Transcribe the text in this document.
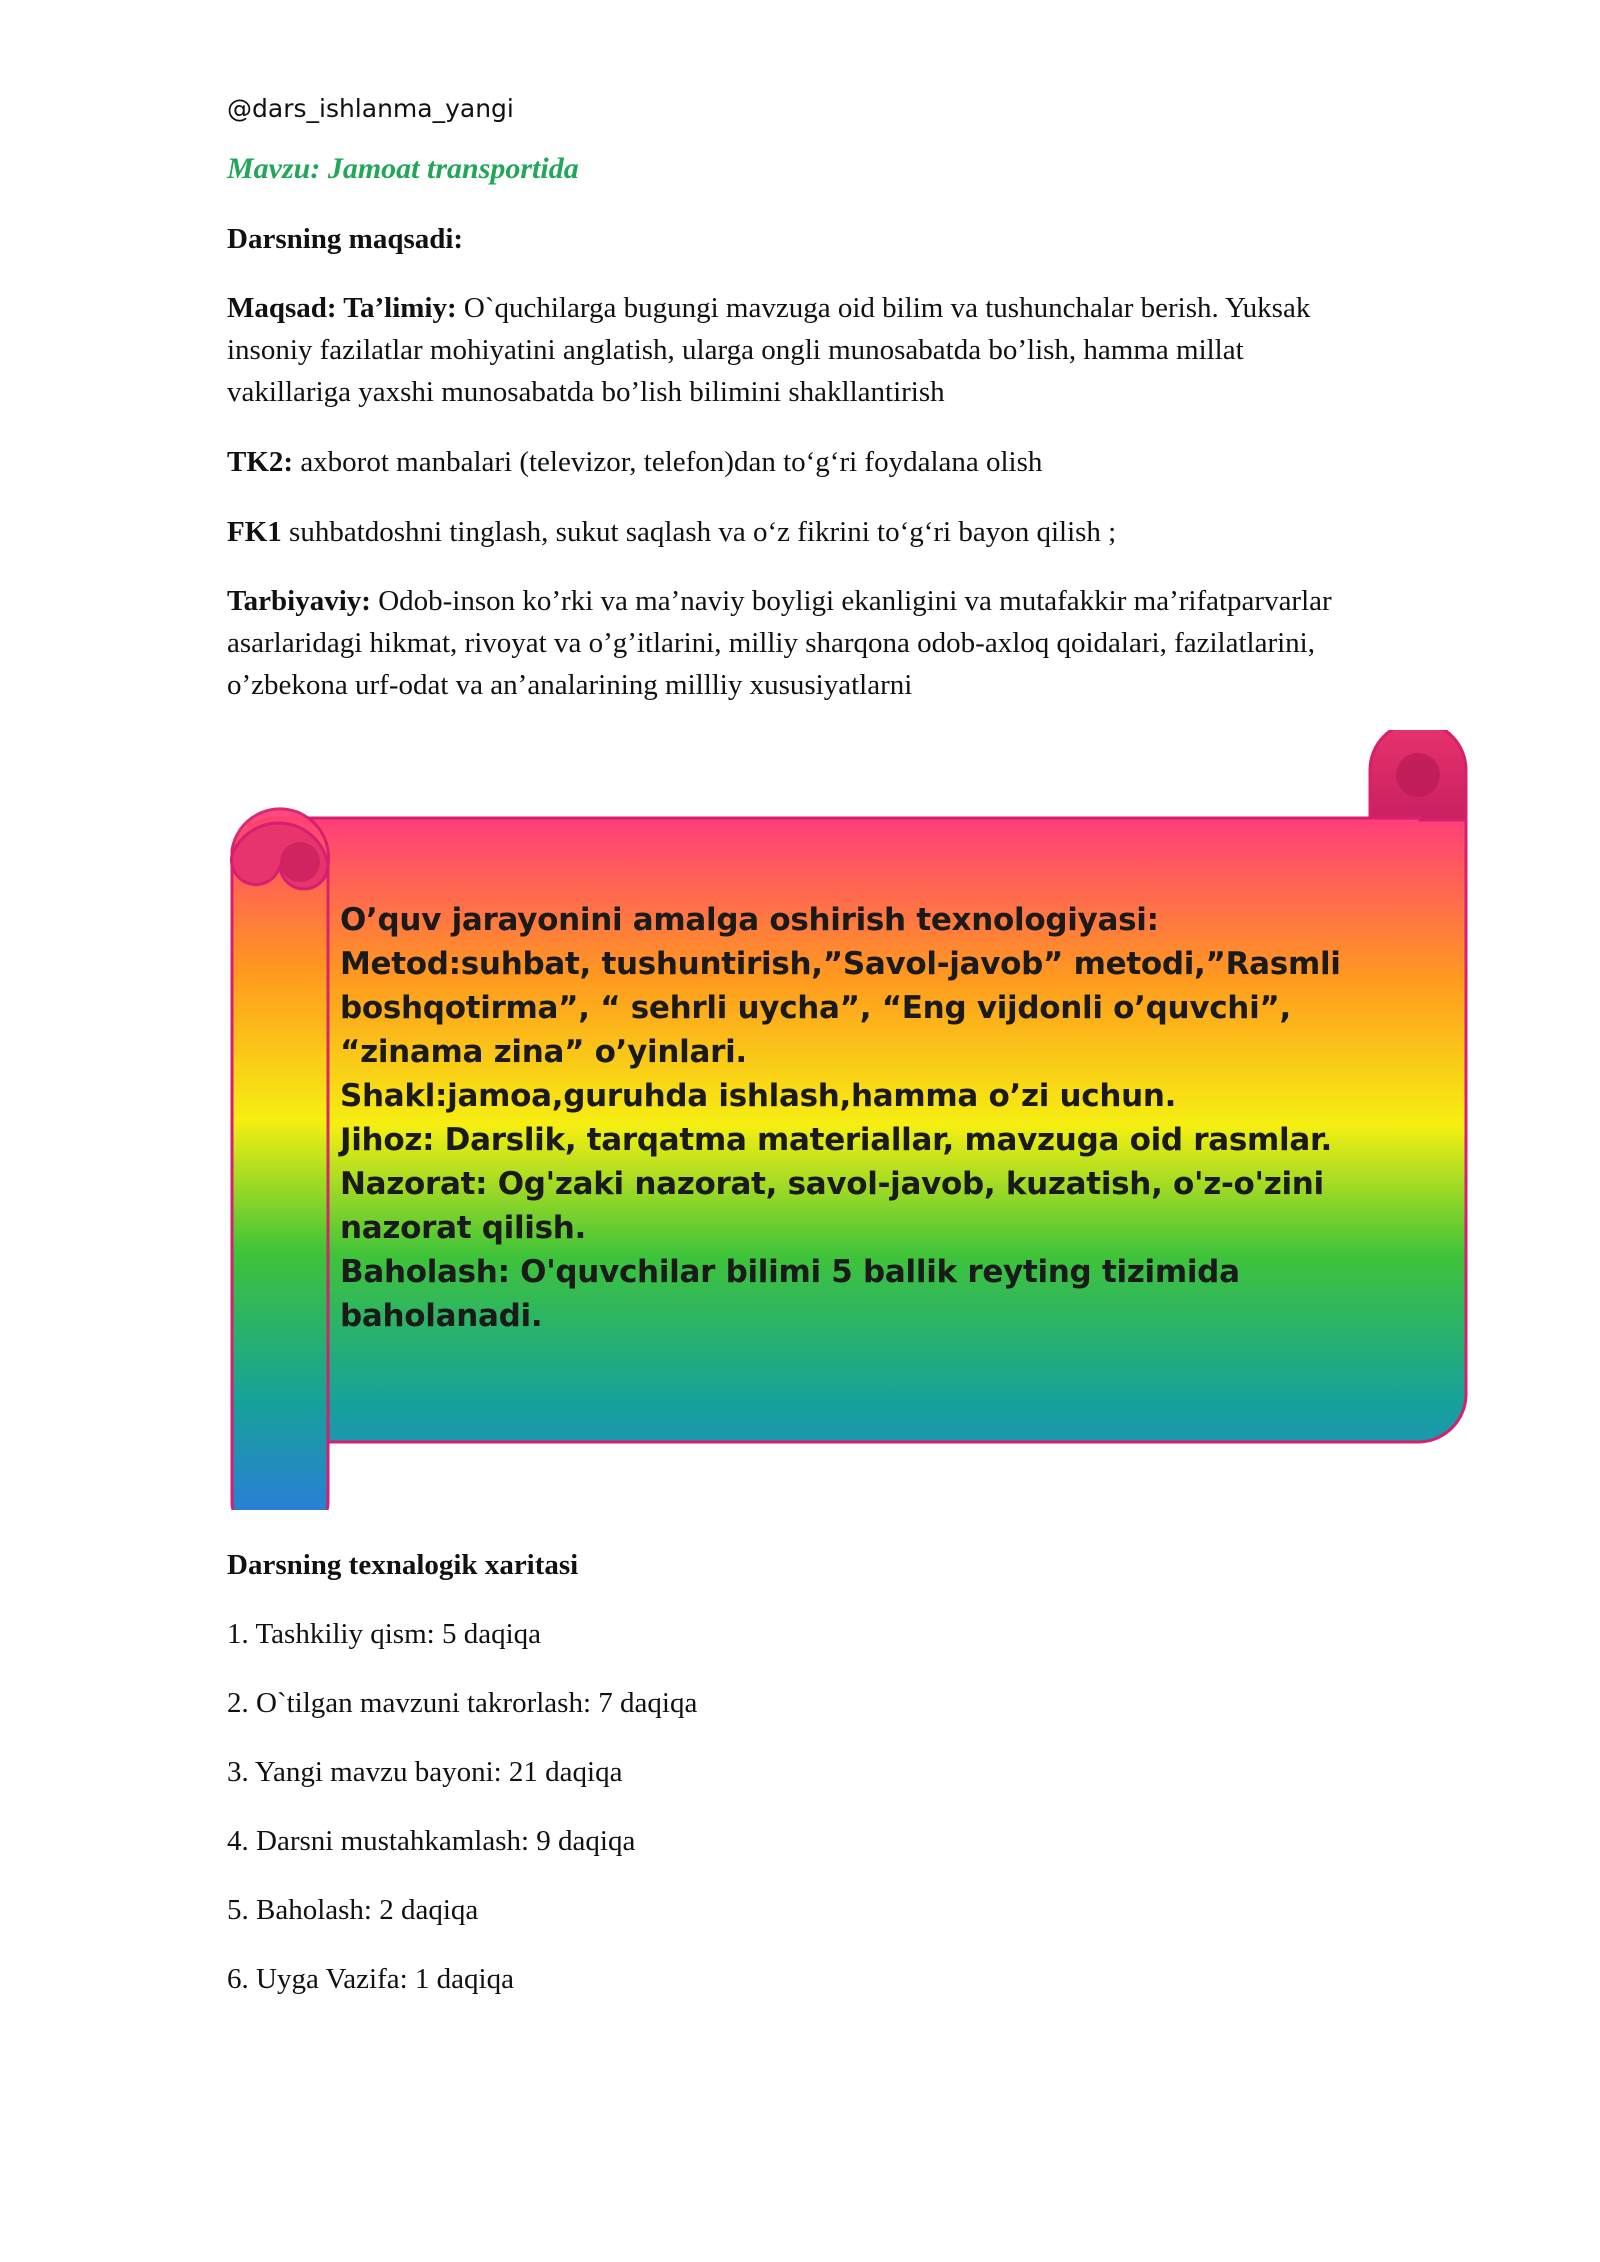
@dars_ishlanma_yangi
Mavzu: Jamoat transportida
Darsning maqsadi:
Maqsad: Ta’limiy: O`quchilarga bugungi mavzuga oid bilim va tushunchalar berish. Yuksak
insoniy fazilatlar mohiyatini anglatish, ularga ongli munosabatda bo’lish, hamma millat
vakillariga yaxshi munosabatda bo’lish bilimini shakllantirish
TK2: axborot manbalari (televizor, telefon)dan to‘g‘ri foydalana olish
FK1 suhbatdoshni tinglash, sukut saqlash va o‘z fikrini to‘g‘ri bayon qilish ;
Tarbiyaviy: Odob-inson ko’rki va ma’naviy boyligi ekanligini va mutafakkir ma’rifatparvarlar
asarlaridagi hikmat, rivoyat va o’g’itlarini, milliy sharqona odob-axloq qoidalari, fazilatlarini,
o’zbekona urf-odat va an’analarining millliy xususiyatlarni
O’quv jarayonini amalga oshirish texnologiyasi:
Metod:suhbat, tushuntirish,”Savol-javob” metodi,”Rasmli
boshqotirma”, “ sehrli uycha”, “Eng vijdonli o’quvchi”,
“zinama zina” o’yinlari.
Shakl:jamoa,guruhda ishlash,hamma o’zi uchun.
Jihoz: Darslik, tarqatma materiallar, mavzuga oid rasmlar.
Nazorat: Og'zaki nazorat, savol-javob, kuzatish, o'z-o'zini
nazorat qilish.
Baholash: O'quvchilar bilimi 5 ballik reyting tizimida
baholanadi.
Darsning texnalogik xaritasi
1. Tashkiliy qism: 5 daqiqa
2. O`tilgan mavzuni takrorlash: 7 daqiqa
3. Yangi mavzu bayoni: 21 daqiqa
4. Darsni mustahkamlash: 9 daqiqa
5. Baholash: 2 daqiqa
6. Uyga Vazifa: 1 daqiqa
